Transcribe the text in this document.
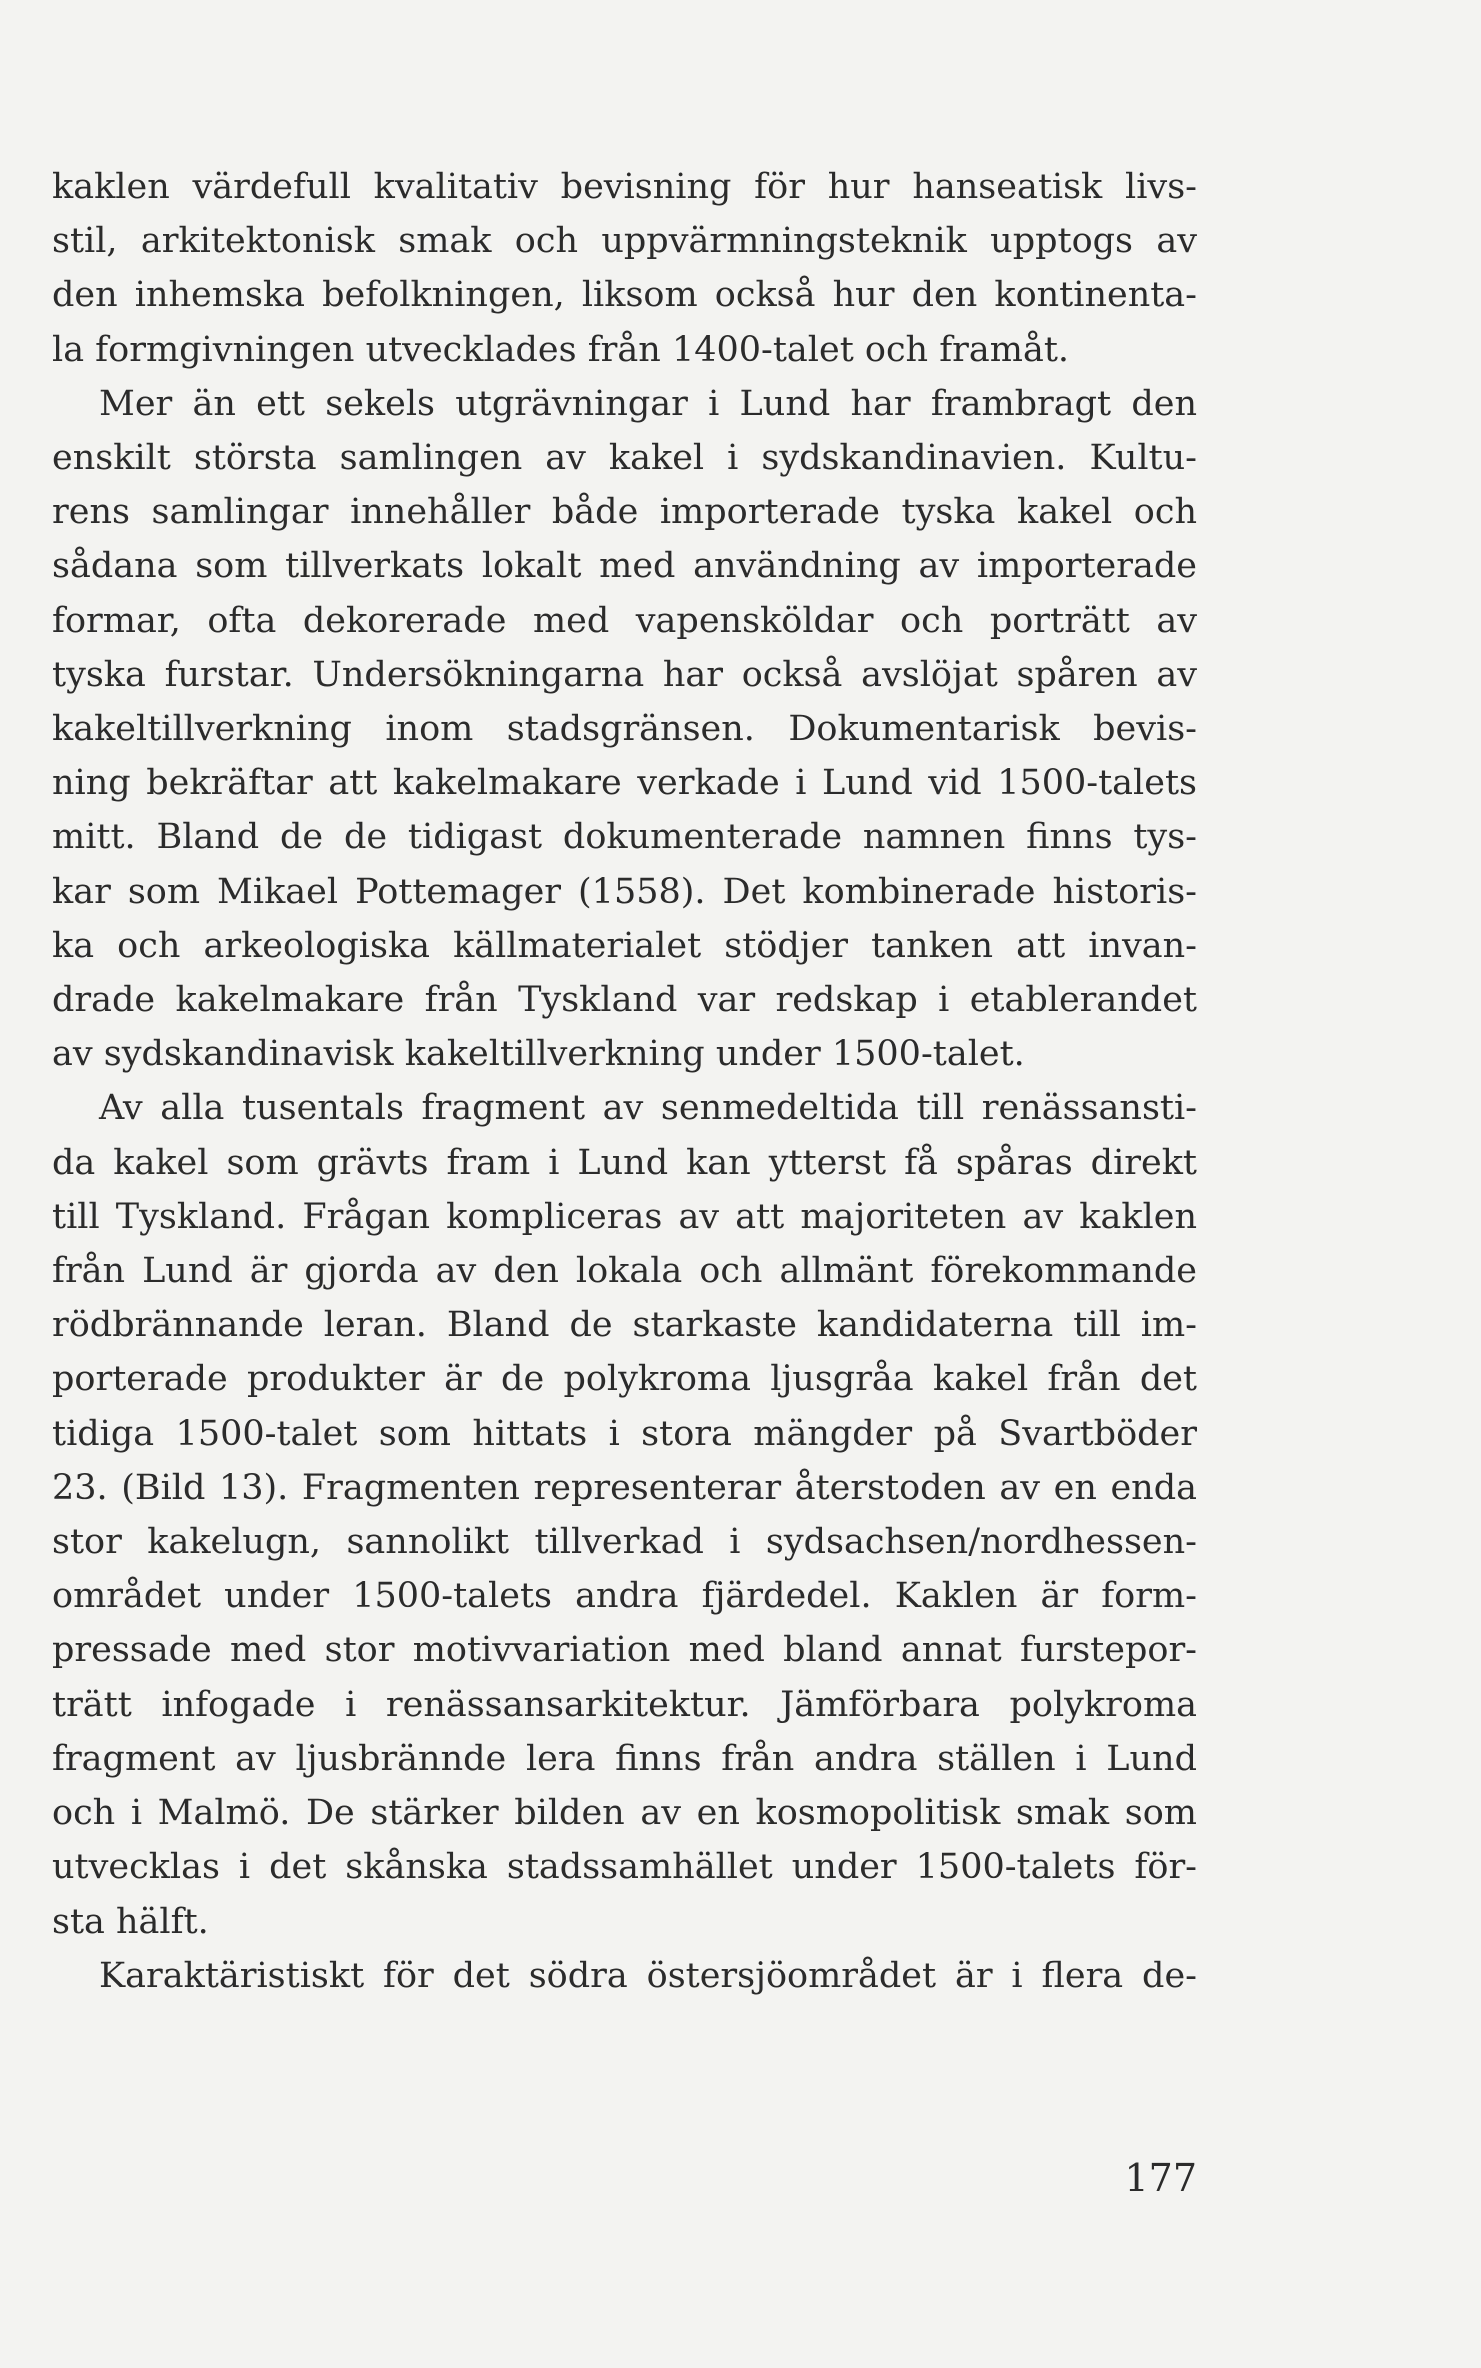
kaklen värdefull kvalitativ bevisning för hur hanseatisk livs-
stil, arkitektonisk smak och uppvärmningsteknik upptogs av
den inhemska befolkningen, liksom också hur den kontinenta-
la formgivningen utvecklades från 1400-talet och framåt.
Mer än ett sekels utgrävningar i Lund har frambragt den
enskilt största samlingen av kakel i sydskandinavien. Kultu-
rens samlingar innehåller både importerade tyska kakel och
sådana som tillverkats lokalt med användning av importerade
formar, ofta dekorerade med vapensköldar och porträtt av
tyska furstar. Undersökningarna har också avslöjat spåren av
kakeltillverkning inom stadsgränsen. Dokumentarisk bevis-
ning bekräftar att kakelmakare verkade i Lund vid 1500-talets
mitt. Bland de de tidigast dokumenterade namnen finns tys-
kar som Mikael Pottemager (1558). Det kombinerade historis-
ka och arkeologiska källmaterialet stödjer tanken att invan-
drade kakelmakare från Tyskland var redskap i etablerandet
av sydskandinavisk kakeltillverkning under 1500-talet.
Av alla tusentals fragment av senmedeltida till renässansti-
da kakel som grävts fram i Lund kan ytterst få spåras direkt
till Tyskland. Frågan kompliceras av att majoriteten av kaklen
från Lund är gjorda av den lokala och allmänt förekommande
rödbrännande leran. Bland de starkaste kandidaterna till im-
porterade produkter är de polykroma ljusgråa kakel från det
tidiga 1500-talet som hittats i stora mängder på Svartböder
23. (Bild 13). Fragmenten representerar återstoden av en enda
stor kakelugn, sannolikt tillverkad i sydsachsen/nordhessen-
området under 1500-talets andra fjärdedel. Kaklen är form-
pressade med stor motivvariation med bland annat furstepor-
trätt infogade i renässansarkitektur. Jämförbara polykroma
fragment av ljusbrännde lera finns från andra ställen i Lund
och i Malmö. De stärker bilden av en kosmopolitisk smak som
utvecklas i det skånska stadssamhället under 1500-talets för-
sta hälft.
Karaktäristiskt för det södra östersjöområdet är i flera de-
177
